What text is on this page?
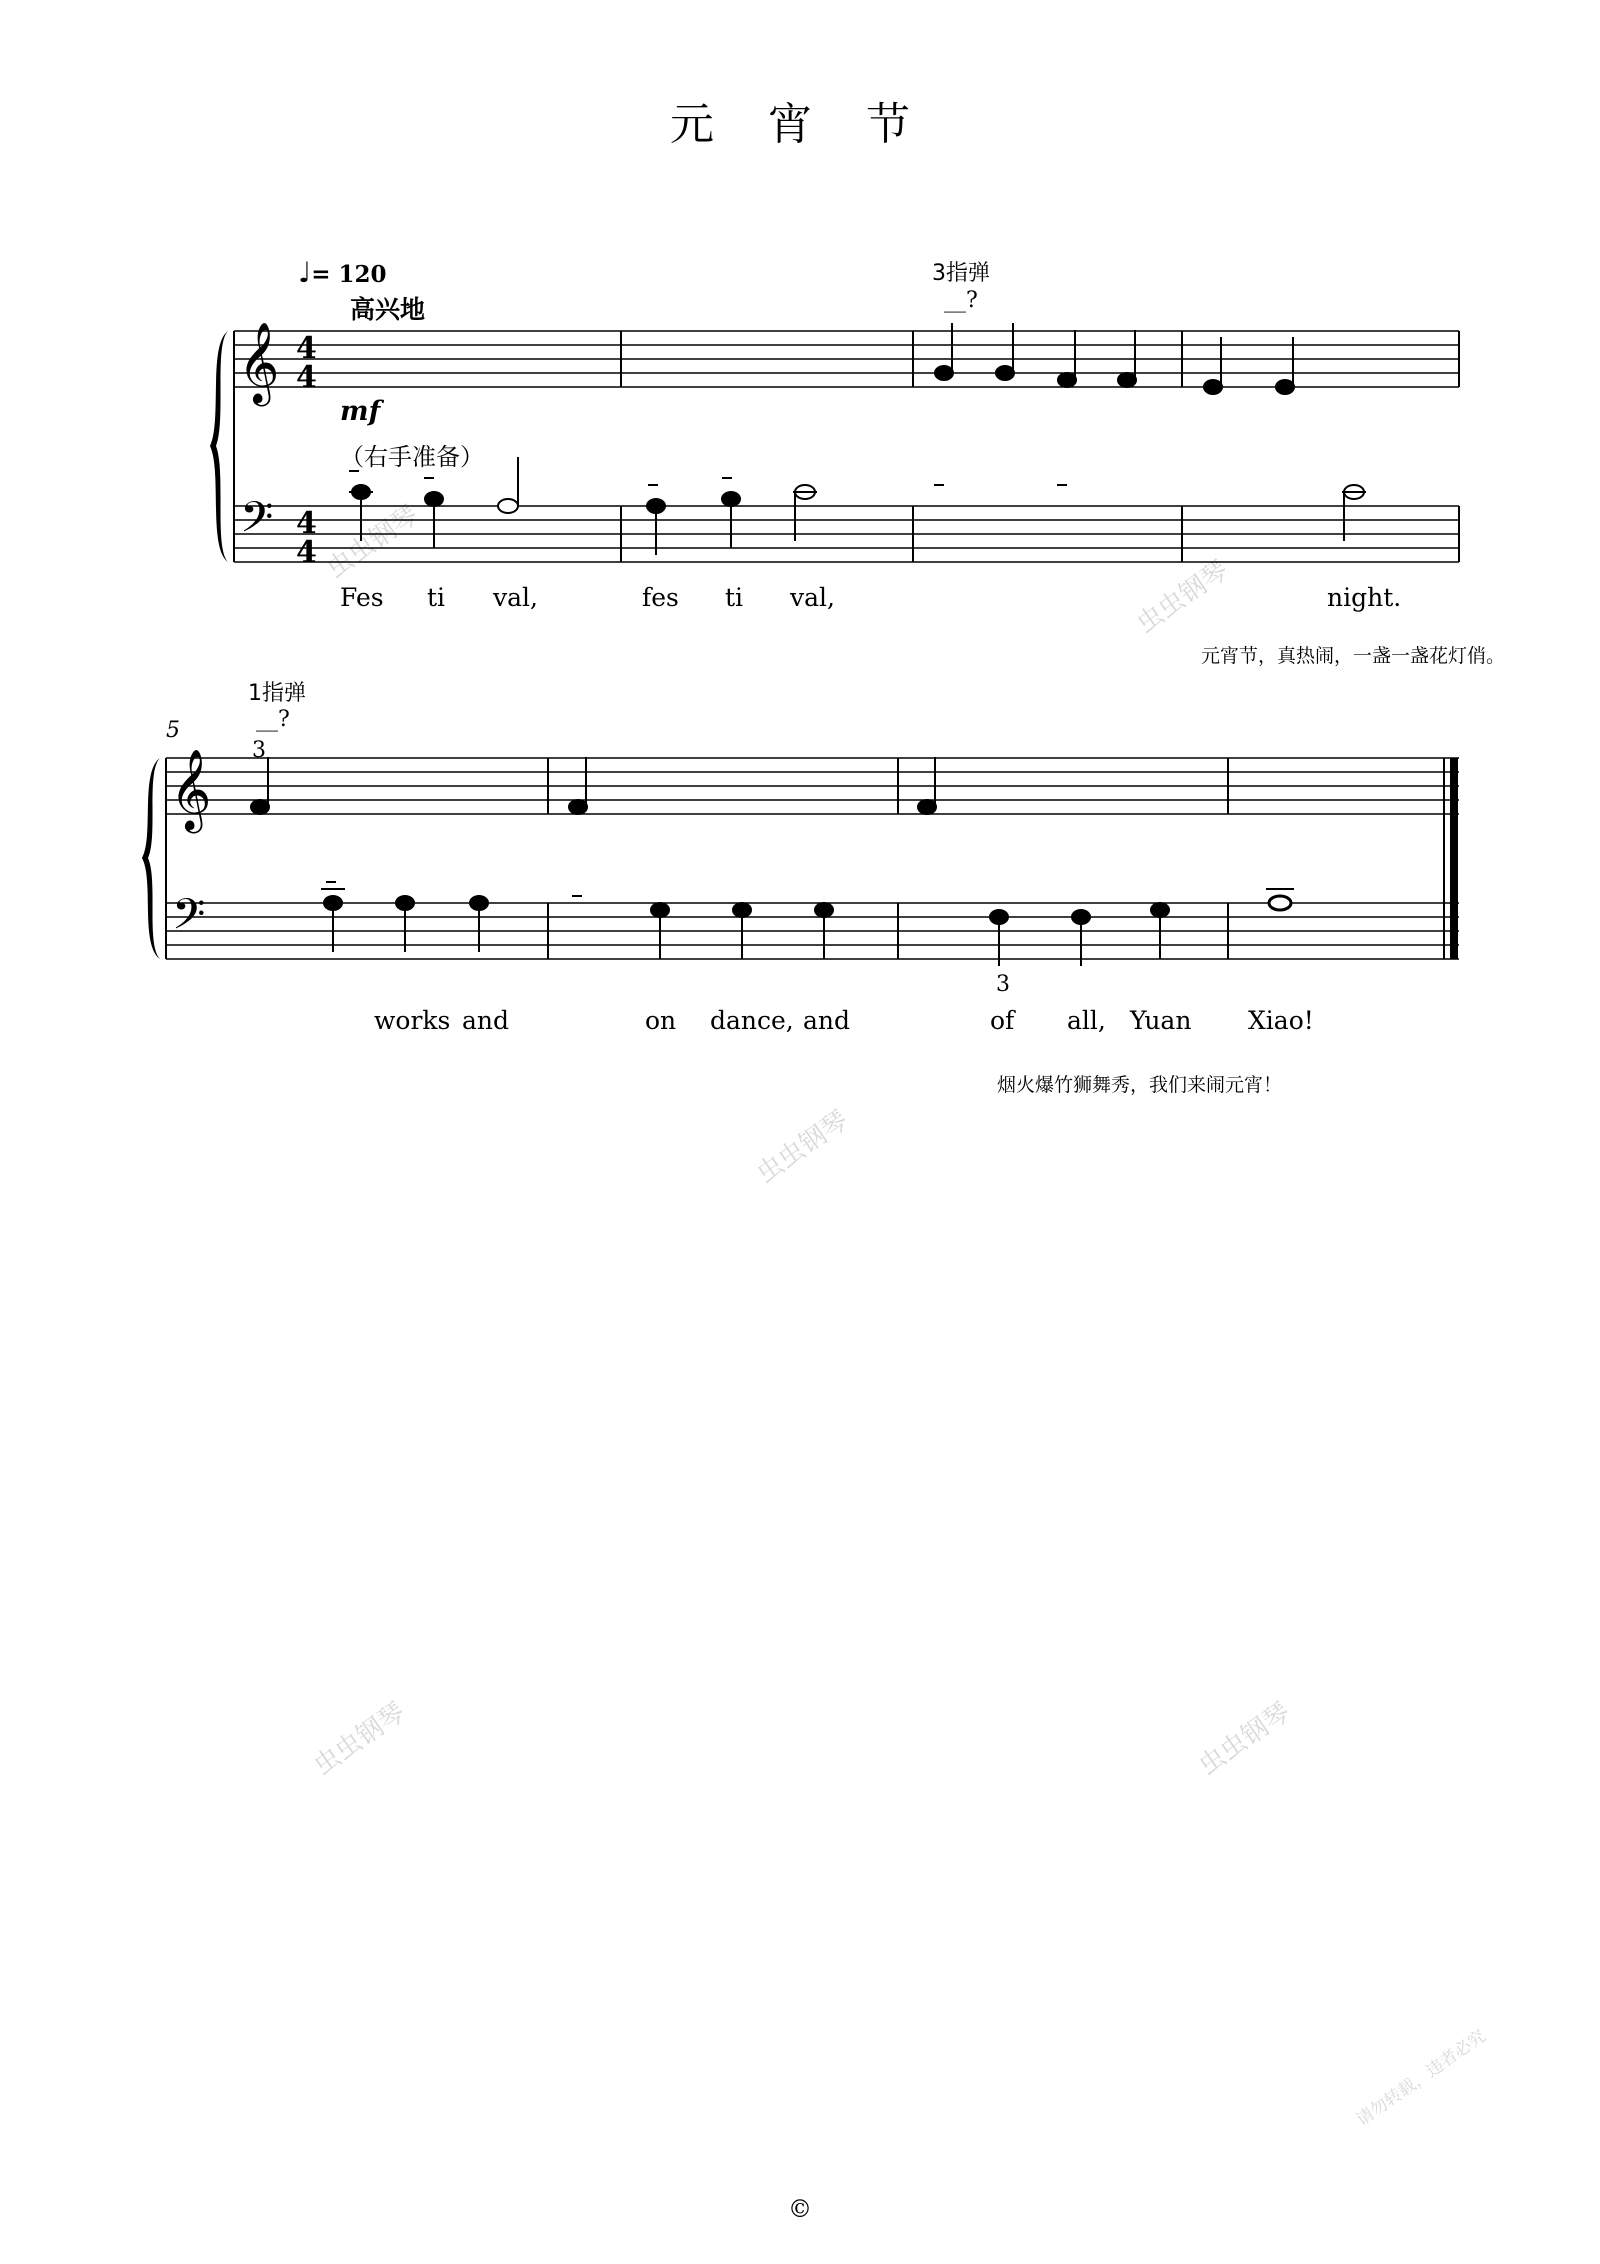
元 宵 节
虫虫钢琴
虫虫钢琴
虫虫钢琴
虫虫钢琴	虫虫钢琴
请勿转载，违者必究
𝄞
𝄢
4
4
4
4
𝄞
𝄢
♩= 120
高兴地
mf
（右手准备）
3指弹
__?
Fes ti val,	fes ti val,	night.
元宵节，真热闹，一盏一盏花灯俏。
5
1指弹
__?
3
3
works and	on dance, and	of all, Yuan Xiao!
烟火爆竹狮舞秀，我们来闹元宵！
©
